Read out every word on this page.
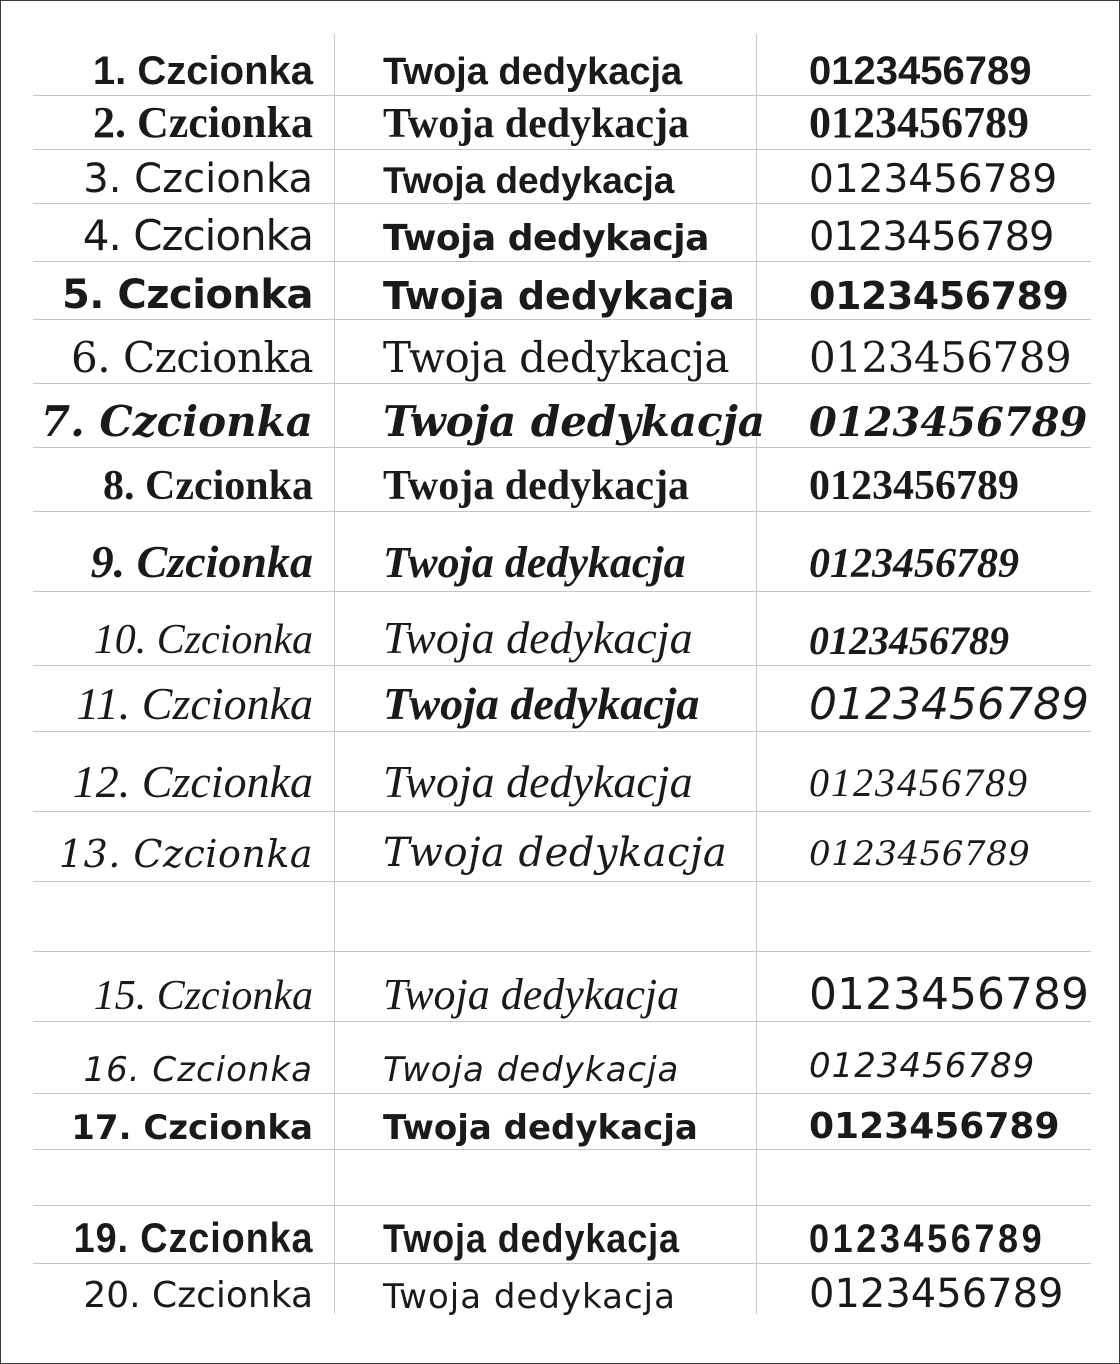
1. Czcionka Twoja dedykacja	0123456789
2. Czcionka Twoja dedykacja	0123456789
3. Czcionka Twoja dedykacja	0123456789
4. Czcionka Twoja dedykacja	0123456789
5. Czcionka Twoja dedykacja 0123456789
6. Czcionka Twoja dedykacja 0123456789
7. Czcionka Twoja dedykacja 0123456789
8. Czcionka Twoja dedykacja	0123456789
9. Czcionka Twoja dedykacja	0123456789
10. Czcionka Twoja dedykacja	0123456789
11. Czcionka Twoja dedykacja 0123456789
12. Czcionka Twoja dedykacja	0123456789
13. Czcionka Twoja dedykacja 0123456789
15. Czcionka Twoja dedykacja	0123456789
16. Czcionka Twoja dedykacja	0123456789
17. Czcionka Twoja dedykacja	0123456789
19. Czcionka Twoja dedykacja	0123456789
20. Czcionka Twoja dedykacja	0123456789
